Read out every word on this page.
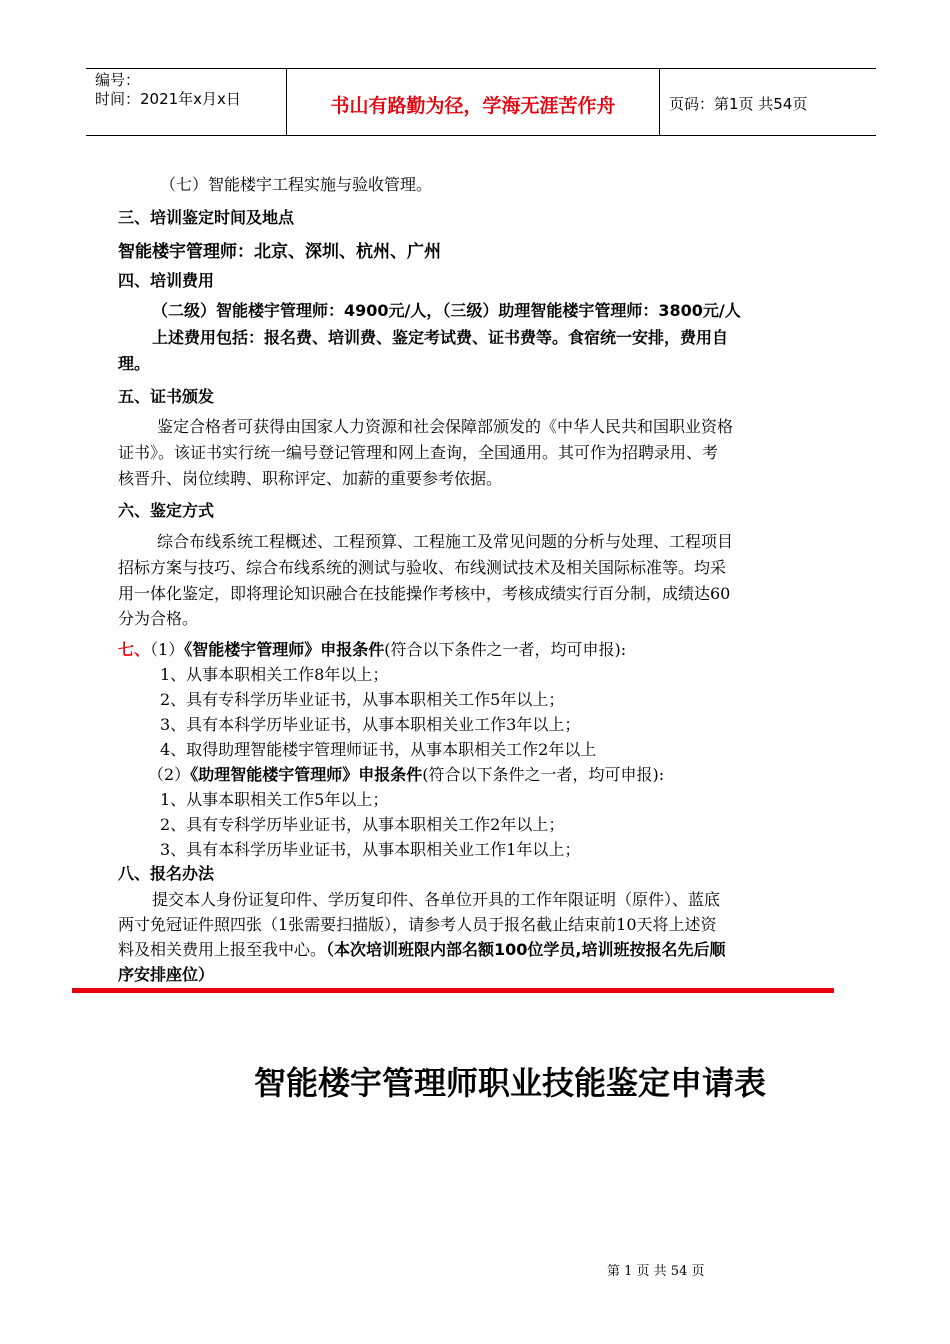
编号：
时间：2021年x月x日	书山有路勤为径，学海无涯苦作舟	页码：第1页 共54页
（七）智能楼宇工程实施与验收管理。
三、培训鉴定时间及地点
智能楼宇管理师：北京、深圳、杭州、广州
四、培训费用
（二级）智能楼宇管理师：4900元/人，（三级）助理智能楼宇管理师：3800元/人
上述费用包括：报名费、培训费、鉴定考试费、证书费等。食宿统一安排，费用自
理。
五、证书颁发
鉴定合格者可获得由国家人力资源和社会保障部颁发的《中华人民共和国职业资格
证书》。该证书实行统一编号登记管理和网上查询，全国通用。其可作为招聘录用、考
核晋升、岗位续聘、职称评定、加薪的重要参考依据。
六、鉴定方式
综合布线系统工程概述、工程预算、工程施工及常见问题的分析与处理、工程项目
招标方案与技巧、综合布线系统的测试与验收、布线测试技术及相关国际标准等。均采
用一体化鉴定，即将理论知识融合在技能操作考核中，考核成绩实行百分制，成绩达60
分为合格。
七、（1）《智能楼宇管理师》申报条件(符合以下条件之一者，均可申报):
1、从事本职相关工作8年以上；
2、具有专科学历毕业证书，从事本职相关工作5年以上；
3、具有本科学历毕业证书，从事本职相关业工作3年以上；
4、取得助理智能楼宇管理师证书，从事本职相关工作2年以上
（2）《助理智能楼宇管理师》申报条件(符合以下条件之一者，均可申报):
1、从事本职相关工作5年以上；
2、具有专科学历毕业证书，从事本职相关工作2年以上；
3、具有本科学历毕业证书，从事本职相关业工作1年以上；
八、报名办法
提交本人身份证复印件、学历复印件、各单位开具的工作年限证明（原件）、蓝底
两寸免冠证件照四张（1张需要扫描版），请参考人员于报名截止结束前10天将上述资
料及相关费用上报至我中心。（本次培训班限内部名额100位学员,培训班按报名先后顺
序安排座位）
智能楼宇管理师职业技能鉴定申请表
第 1 页 共 54 页
